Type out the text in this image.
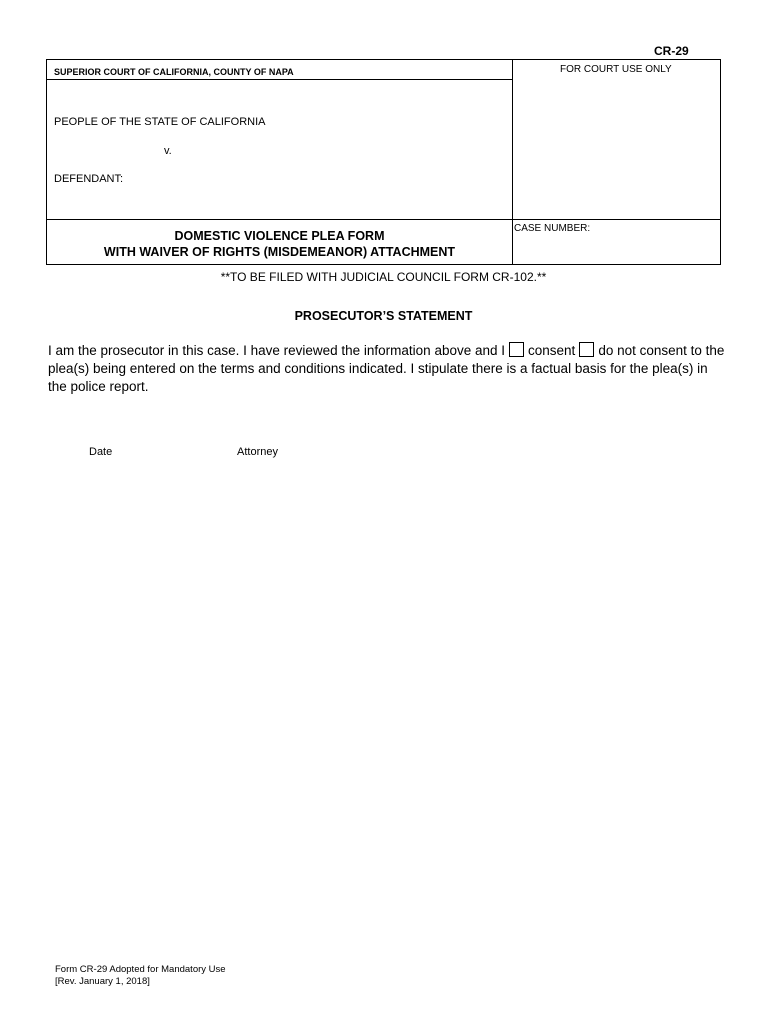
CR-29
SUPERIOR COURT OF CALIFORNIA, COUNTY OF NAPA	FOR COURT USE ONLY
PEOPLE OF THE STATE OF CALIFORNIA
v.
DEFENDANT:
CASE NUMBER:
DOMESTIC VIOLENCE PLEA FORM
WITH WAIVER OF RIGHTS (MISDEMEANOR) ATTACHMENT
**TO BE FILED WITH JUDICIAL COUNCIL FORM CR-102.**
PROSECUTOR’S STATEMENT
I am the prosecutor in this case. I have reviewed the information above and I consent do not consent to the plea(s) being entered on the terms and conditions indicated. I stipulate there is a factual basis for the plea(s) in the police report.
Date	Attorney
Form CR-29 Adopted for Mandatory Use
[Rev. January 1, 2018]
